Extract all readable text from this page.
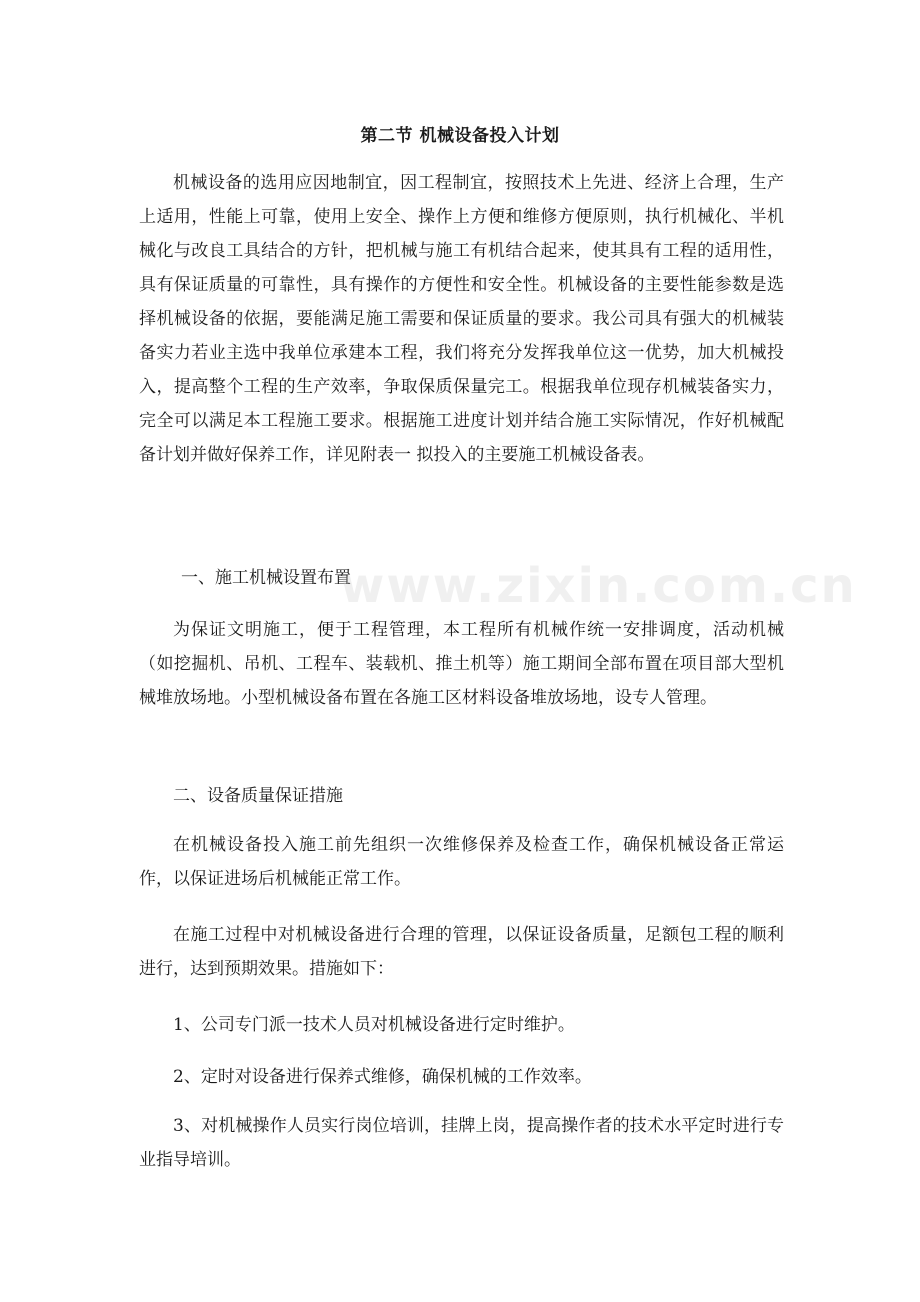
第二节 机械设备投入计划

机械设备的选用应因地制宜，因工程制宜，按照技术上先进、经济上合理，生产上适用，性能上可靠，使用上安全、操作上方便和维修方便原则，执行机械化、半机械化与改良工具结合的方针，把机械与施工有机结合起来，使其具有工程的适用性，具有保证质量的可靠性，具有操作的方便性和安全性。机械设备的主要性能参数是选择机械设备的依据，要能满足施工需要和保证质量的要求。我公司具有强大的机械装备实力若业主选中我单位承建本工程，我们将充分发挥我单位这一优势，加大机械投入，提高整个工程的生产效率，争取保质保量完工。根据我单位现存机械装备实力，完全可以满足本工程施工要求。根据施工进度计划并结合施工实际情况，作好机械配备计划并做好保养工作，详见附表一 拟投入的主要施工机械设备表。

一、施工机械设置布置

为保证文明施工，便于工程管理，本工程所有机械作统一安排调度，活动机械（如挖掘机、吊机、工程车、装载机、推土机等）施工期间全部布置在项目部大型机械堆放场地。小型机械设备布置在各施工区材料设备堆放场地，设专人管理。

二、设备质量保证措施

在机械设备投入施工前先组织一次维修保养及检查工作，确保机械设备正常运作，以保证进场后机械能正常工作。

在施工过程中对机械设备进行合理的管理，以保证设备质量，足额包工程的顺利进行，达到预期效果。措施如下：

1、公司专门派一技术人员对机械设备进行定时维护。

2、定时对设备进行保养式维修，确保机械的工作效率。

3、对机械操作人员实行岗位培训，挂牌上岗，提高操作者的技术水平定时进行专业指导培训。

www.zixin.com.cn
